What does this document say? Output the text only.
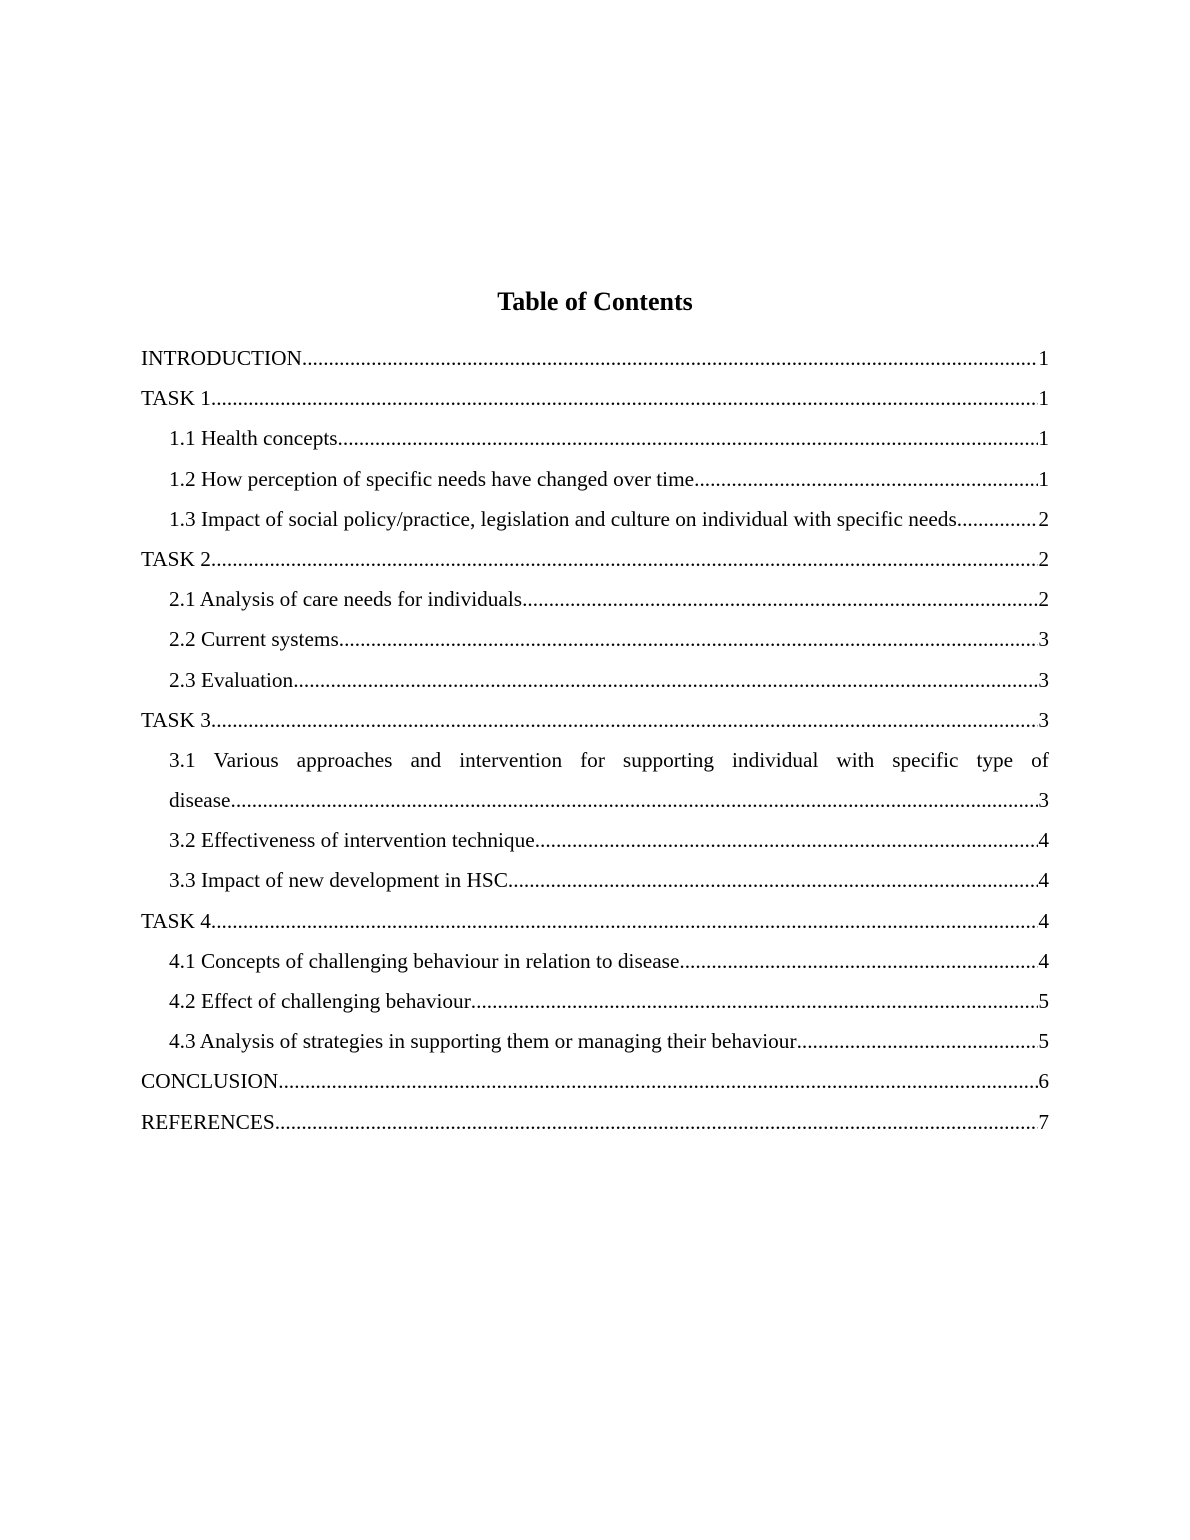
Table of Contents
INTRODUCTION .....	1
TASK 1 .....	1
1.1 Health concepts .....	1
1.2 How perception of specific needs have changed over time .....	1
1.3 Impact of social policy/practice, legislation and culture on individual with specific needs .....	2
TASK 2 .....	2
2.1 Analysis of care needs for individuals .....	2
2.2 Current systems .....	3
2.3 Evaluation .....	3
TASK 3 .....	3
3.1 Various approaches and intervention for supporting individual with specific type of
disease .....	3
3.2 Effectiveness of intervention technique .....	4
3.3 Impact of new development in HSC .....	4
TASK 4 .....	4
4.1 Concepts of challenging behaviour in relation to disease .....	4
4.2 Effect of challenging behaviour .....	5
4.3 Analysis of strategies in supporting them or managing their behaviour .....	5
CONCLUSION .....	6
REFERENCES .....	7
